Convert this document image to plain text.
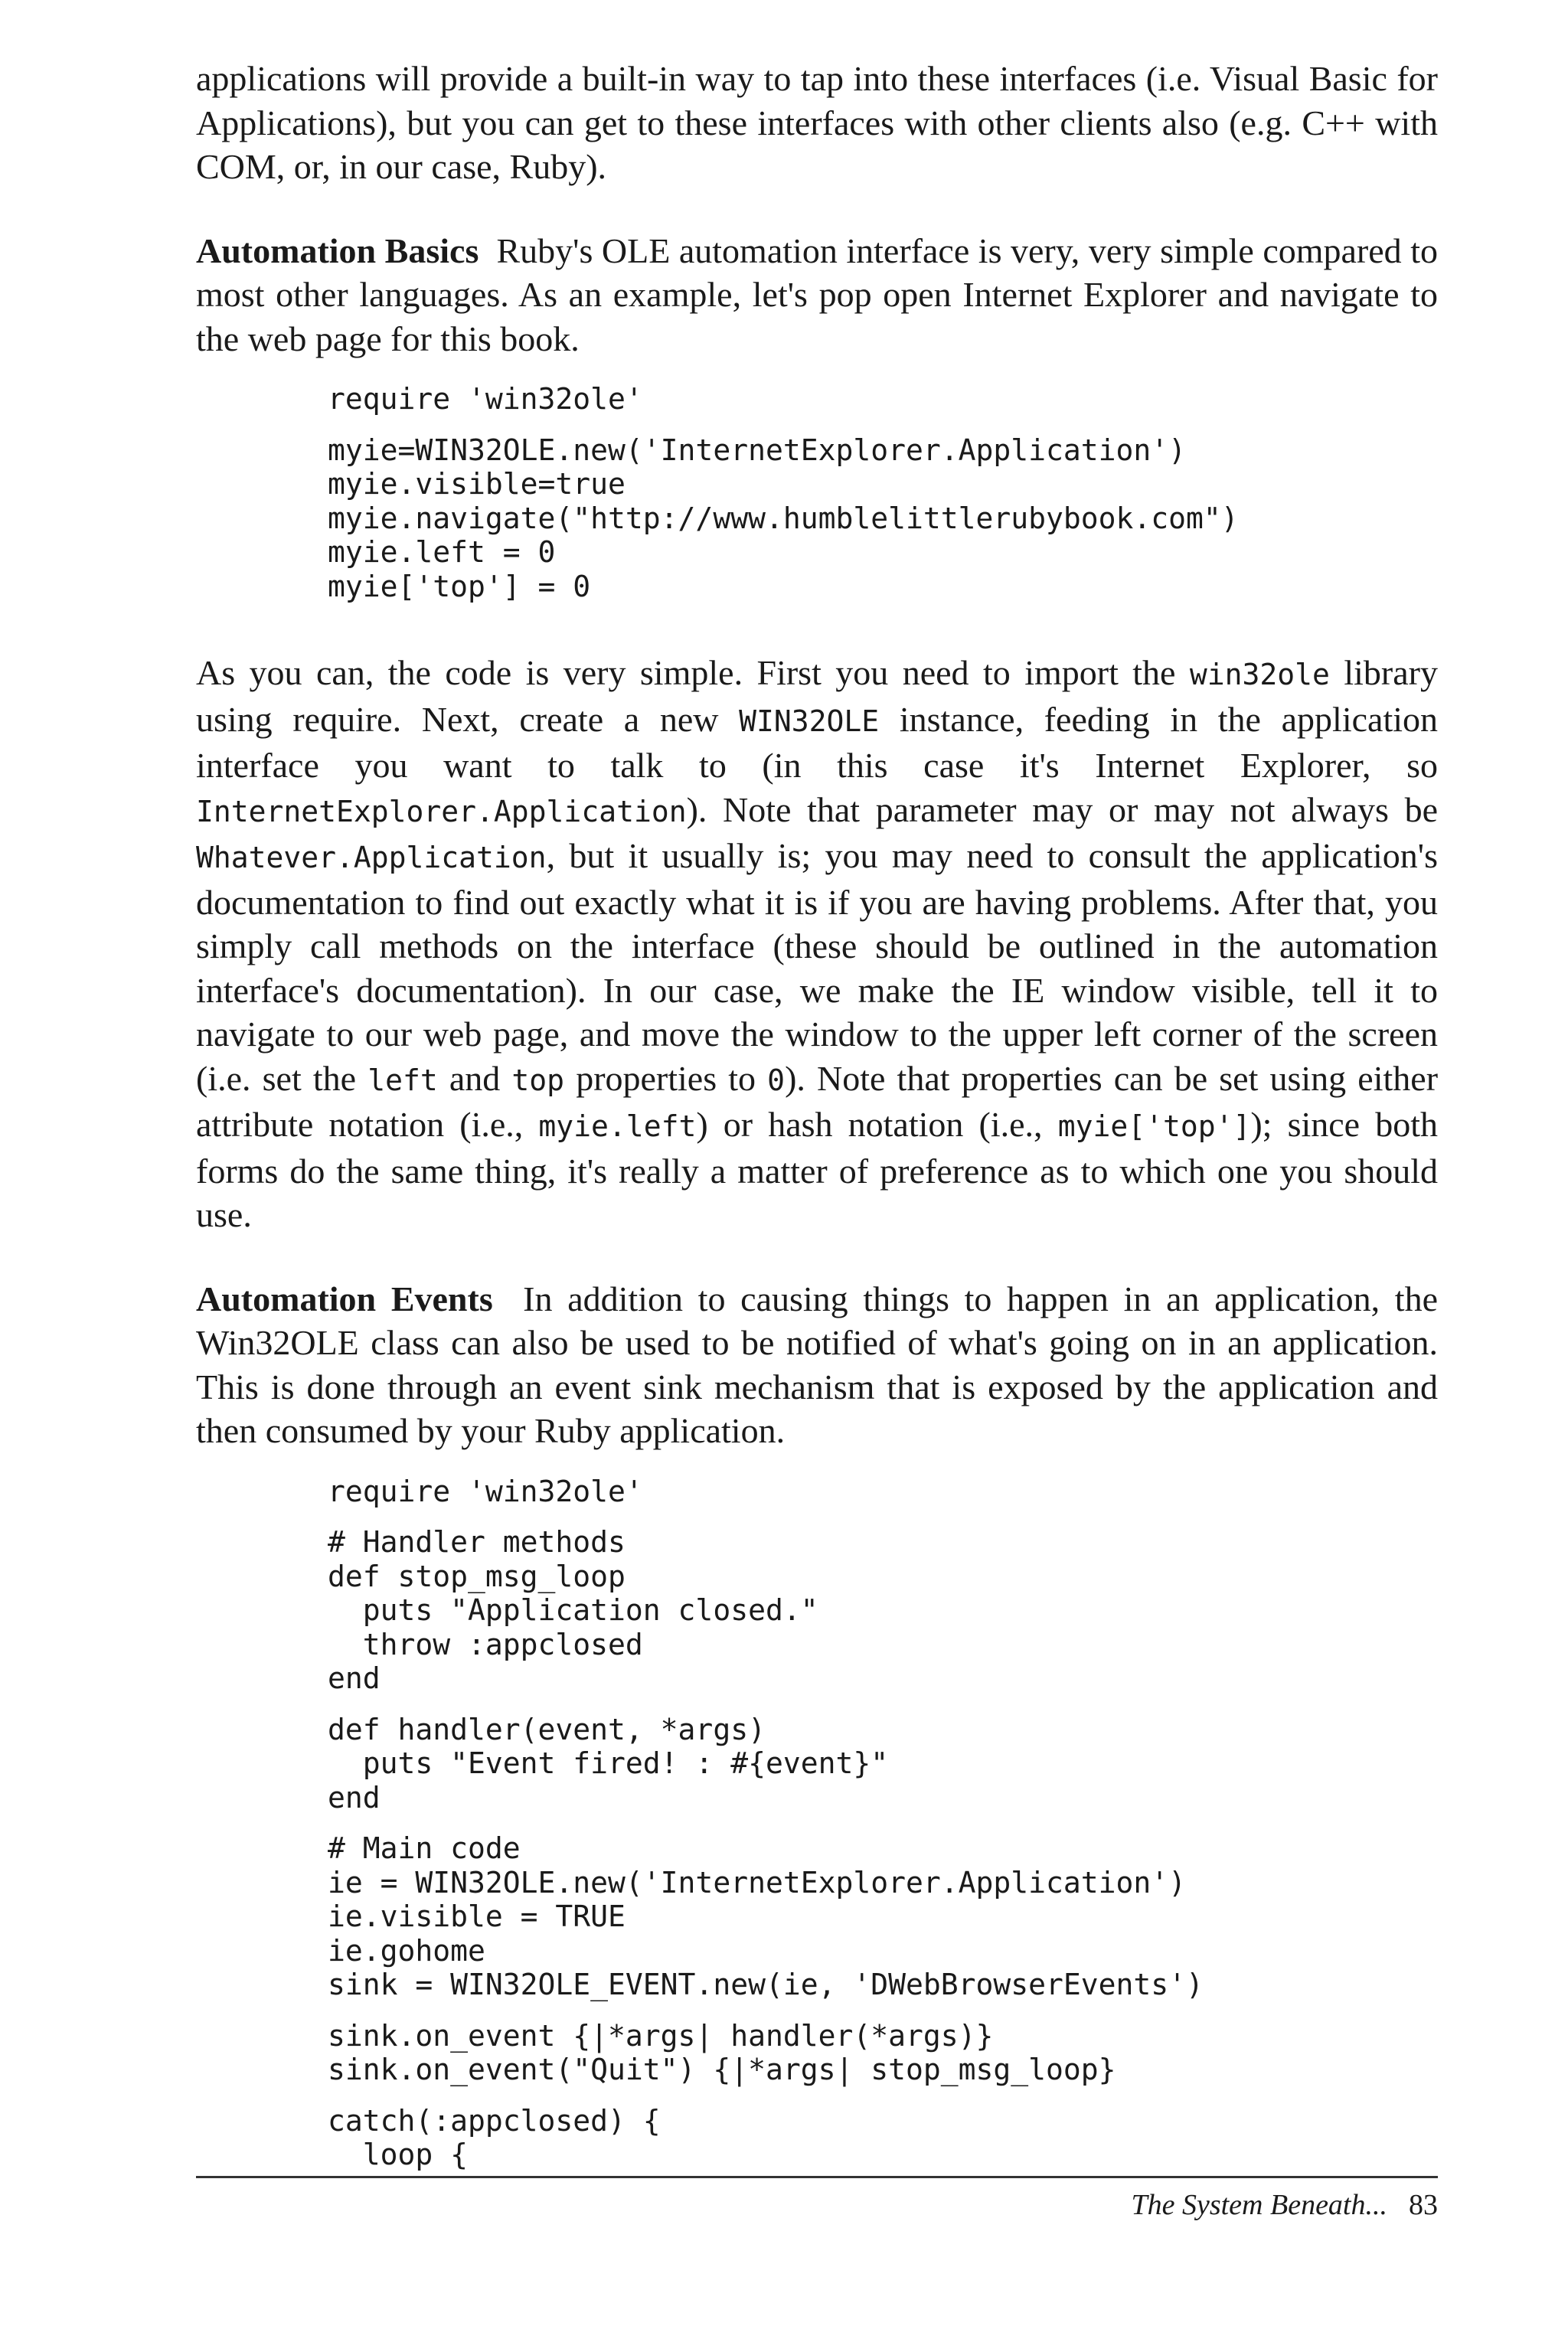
applications will provide a built-in way to tap into these interfaces (i.e. Visual Basic for Applications), but you can get to these interfaces with other clients also (e.g. C++ with COM, or, in our case, Ruby).

Automation Basics Ruby's OLE automation interface is very, very simple compared to most other languages. As an example, let's pop open Internet Explorer and navigate to the web page for this book.

require 'win32ole'
myie=WIN32OLE.new('InternetExplorer.Application')
myie.visible=true
myie.navigate("http://www.humblelittlerubybook.com")
myie.left = 0
myie['top'] = 0

As you can, the code is very simple. First you need to import the win32ole library using require. Next, create a new WIN32OLE instance, feeding in the application interface you want to talk to (in this case it's Internet Explorer, so InternetExplorer.Application). Note that parameter may or may not always be Whatever.Application, but it usually is; you may need to consult the application's documentation to find out exactly what it is if you are having problems. After that, you simply call methods on the interface (these should be outlined in the automation interface's documentation). In our case, we make the IE window visible, tell it to navigate to our web page, and move the window to the upper left corner of the screen (i.e. set the left and top properties to 0). Note that properties can be set using either attribute notation (i.e., myie.left) or hash notation (i.e., myie['top']); since both forms do the same thing, it's really a matter of preference as to which one you should use.

Automation Events In addition to causing things to happen in an application, the Win32OLE class can also be used to be notified of what's going on in an application. This is done through an event sink mechanism that is exposed by the application and then consumed by your Ruby application.

require 'win32ole'
# Handler methods
def stop_msg_loop
puts "Application closed."
throw :appclosed
end
def handler(event, *args)
puts "Event fired! : #{event}"
end
# Main code
ie = WIN32OLE.new('InternetExplorer.Application')
ie.visible = TRUE
ie.gohome
sink = WIN32OLE_EVENT.new(ie, 'DWebBrowserEvents')
sink.on_event {|*args| handler(*args)}
sink.on_event("Quit") {|*args| stop_msg_loop}
catch(:appclosed) {
loop {
The System Beneath... 83
